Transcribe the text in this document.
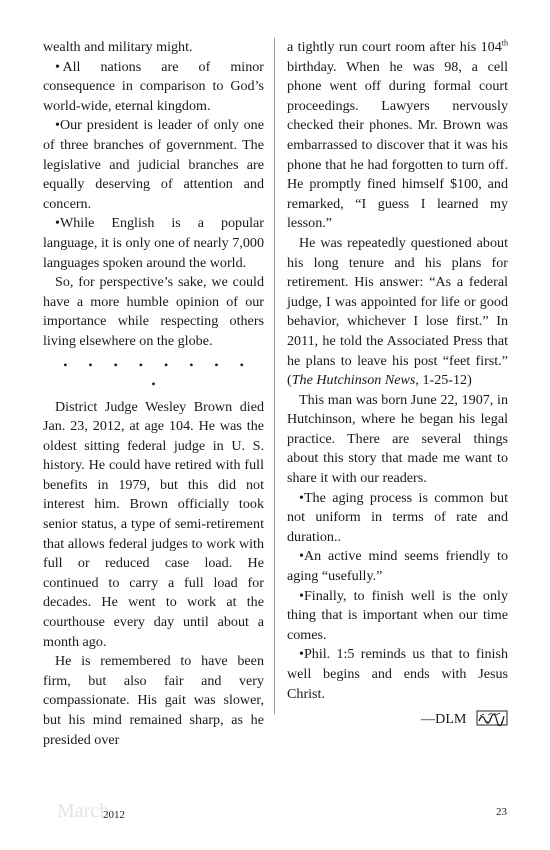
wealth and military might.

• All nations are of minor consequence in comparison to God’s world-wide, eternal kingdom.

• Our president is leader of only one of three branches of government. The legislative and judicial branches are equally deserving of attention and concern.

• While English is a popular language, it is only one of nearly 7,000 languages spoken around the world.

So, for perspective’s sake, we could have a more humble opinion of our importance while respecting others living elsewhere on the globe.

• • • • • • • • •

District Judge Wesley Brown died Jan. 23, 2012, at age 104. He was the oldest sitting federal judge in U. S. history. He could have retired with full benefits in 1979, but this did not interest him. Brown officially took senior status, a type of semi-retirement that allows federal judges to work with full or reduced case load. He continued to carry a full load for decades. He went to work at the courthouse every day until about a month ago.

He is remembered to have been firm, but also fair and very compassionate. His gait was slower, but his mind remained sharp, as he presided over

a tightly run court room after his 104th birthday. When he was 98, a cell phone went off during formal court proceedings. Lawyers nervously checked their phones. Mr. Brown was embarrassed to discover that it was his phone that he had forgotten to turn off. He promptly fined himself $100, and remarked, “I guess I learned my lesson.”

He was repeatedly questioned about his long tenure and his plans for retirement. His answer: “As a federal judge, I was appointed for life or good behavior, whichever I lose first.” In 2011, he told the Associated Press that he plans to leave his post “feet first.” (The Hutchinson News, 1-25-12)

This man was born June 22, 1907, in Hutchinson, where he began his legal practice. There are several things about this story that made me want to share it with our readers.

• The aging process is common but not uniform in terms of rate and duration..

• An active mind seems friendly to aging “usefully.”

• Finally, to finish well is the only thing that is important when our time comes.

• Phil. 1:5 reminds us that to finish well begins and ends with Jesus Christ.

—DLM
March
2012	23
